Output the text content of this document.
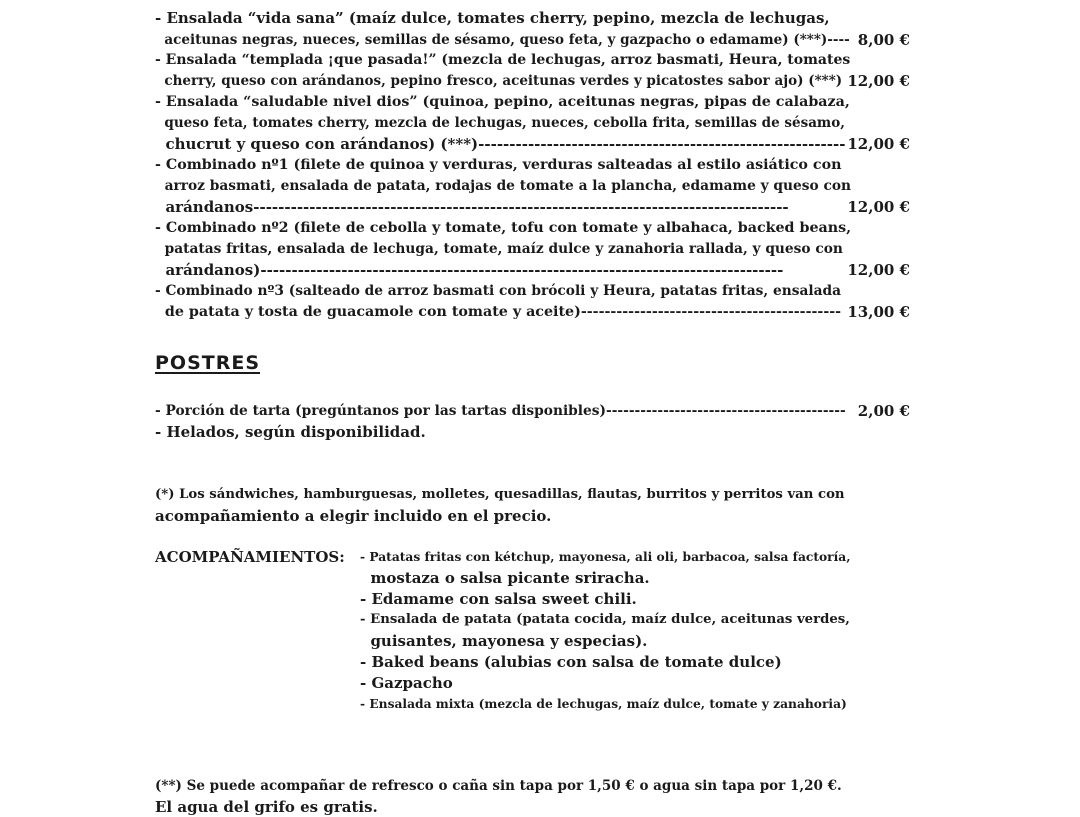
- Ensalada “vida sana” (maíz dulce, tomates cherry, pepino, mezcla de lechugas,
aceitunas negras, nueces, semillas de sésamo, queso feta, y gazpacho o edamame) (***)---- 8,00 €
- Ensalada “templada ¡que pasada!” (mezcla de lechugas, arroz basmati, Heura, tomates
cherry, queso con arándanos, pepino fresco, aceitunas verdes y picatostes sabor ajo) (***) 12,00 €
- Ensalada “saludable nivel dios” (quinoa, pepino, aceitunas negras, pipas de calabaza,
queso feta, tomates cherry, mezcla de lechugas, nueces, cebolla frita, semillas de sésamo,
chucrut y queso con arándanos) (***)----------------------------------------------------------- 12,00 €
- Combinado nº1 (filete de quinoa y verduras, verduras salteadas al estilo asiático con
arroz basmati, ensalada de patata, rodajas de tomate a la plancha, edamame y queso con
arándanos--------------------------------------------------------------------------------------	12,00 €
- Combinado nº2 (filete de cebolla y tomate, tofu con tomate y albahaca, backed beans,
patatas fritas, ensalada de lechuga, tomate, maíz dulce y zanahoria rallada, y queso con
arándanos)------------------------------------------------------------------------------------	12,00 €
- Combinado nº3 (salteado de arroz basmati con brócoli y Heura, patatas fritas, ensalada
de patata y tosta de guacamole con tomate y aceite)-------------------------------------------- 13,00 €
POSTRES
- Porción de tarta (pregúntanos por las tartas disponibles)------------------------------------------ 2,00 €
- Helados, según disponibilidad.
(*) Los sándwiches, hamburguesas, molletes, quesadillas, flautas, burritos y perritos van con
acompañamiento a elegir incluido en el precio.
ACOMPAÑAMIENTOS: - Patatas fritas con kétchup, mayonesa, ali oli, barbacoa, salsa factoría,
mostaza o salsa picante sriracha.
- Edamame con salsa sweet chili.
- Ensalada de patata (patata cocida, maíz dulce, aceitunas verdes,
guisantes, mayonesa y especias).
- Baked beans (alubias con salsa de tomate dulce)
- Gazpacho
- Ensalada mixta (mezcla de lechugas, maíz dulce, tomate y zanahoria)
(**) Se puede acompañar de refresco o caña sin tapa por 1,50 € o agua sin tapa por 1,20 €.
El agua del grifo es gratis.
